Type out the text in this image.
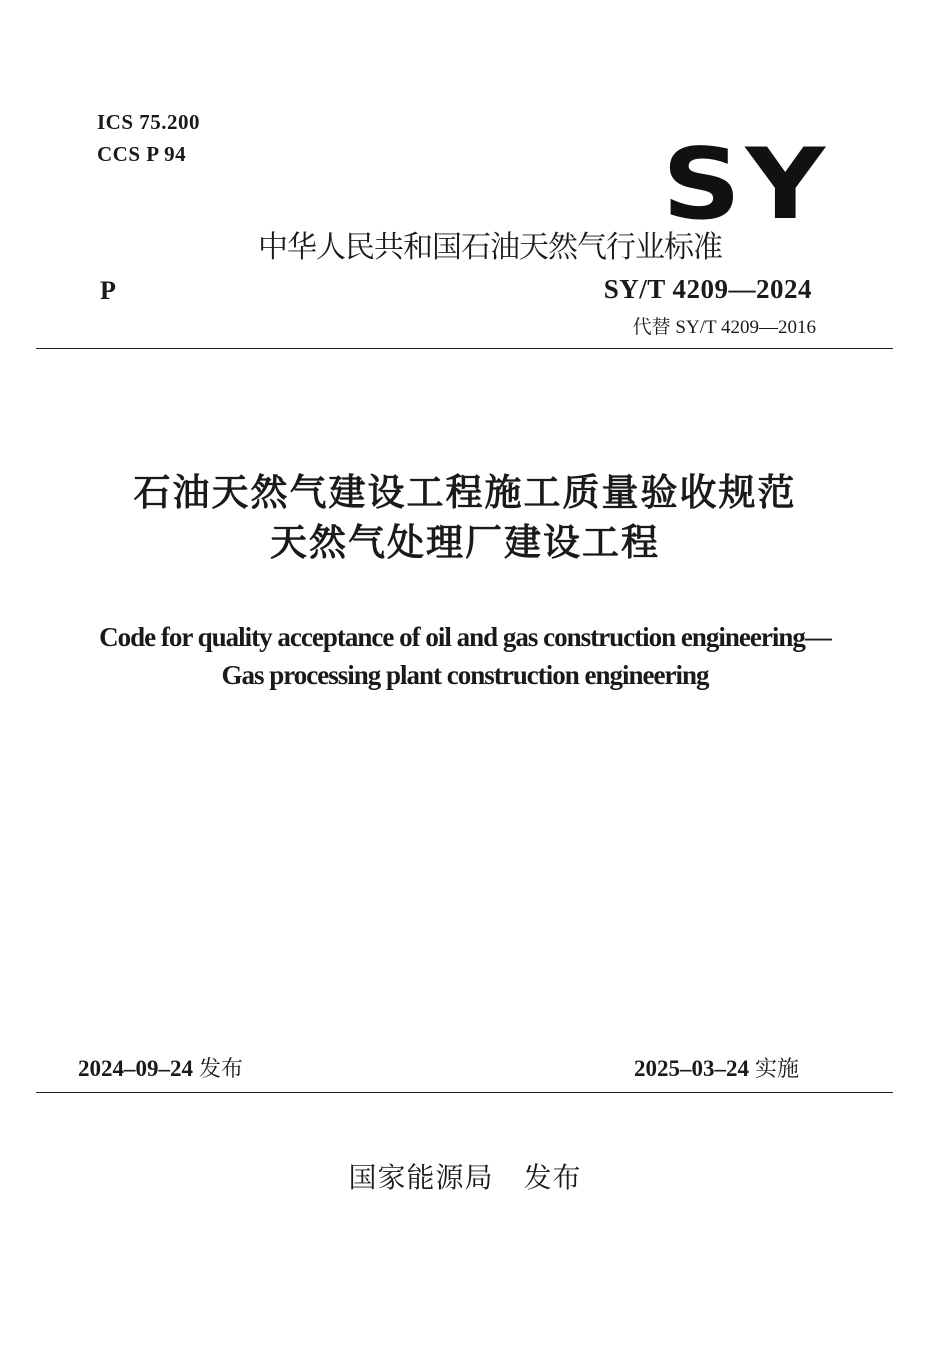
ICS 75.200
CCS P 94	SY
中华人民共和国石油天然气行业标准
P	SY/T 4209—2024
代替 SY/T 4209—2016
石油天然气建设工程施工质量验收规范
天然气处理厂建设工程
Code for quality acceptance of oil and gas construction engineering—
Gas processing plant construction engineering
2024–09–24 发布	2025–03–24 实施
国家能源局 发布
